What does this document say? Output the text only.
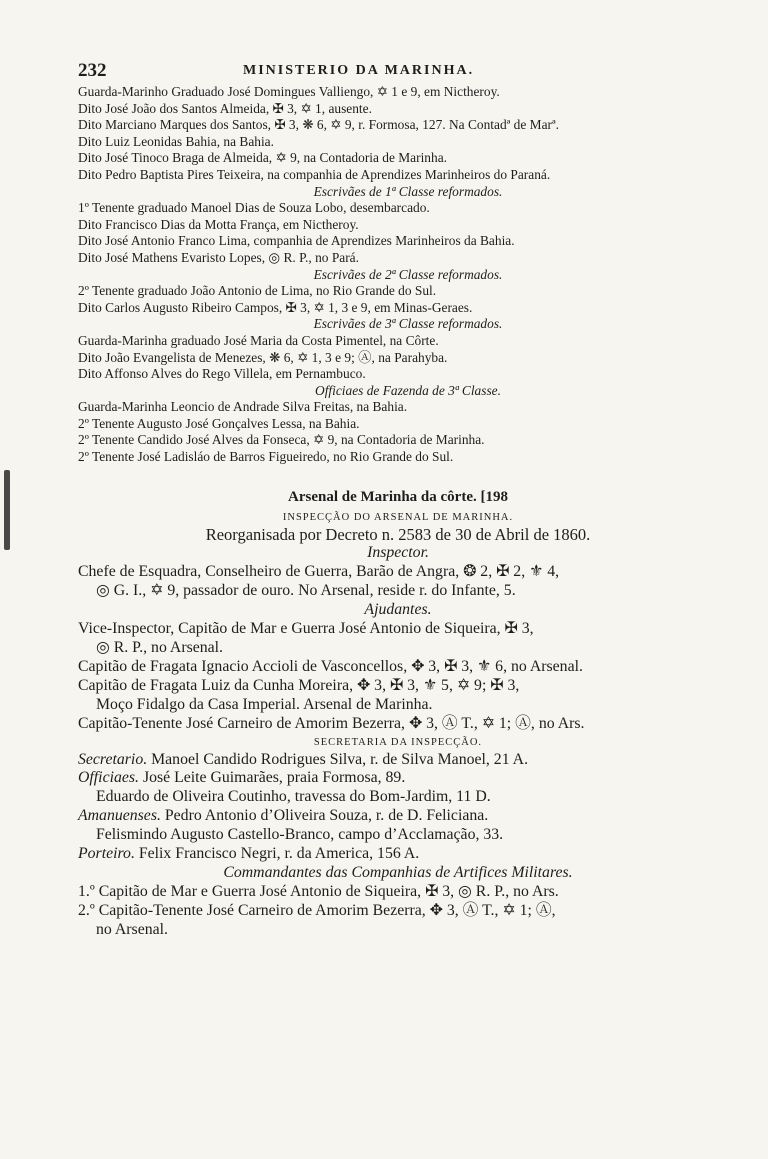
232	MINISTERIO DA MARINHA.
Guarda-Marinho Graduado José Domingues Valliengo, ✡ 1 e 9, em Nictheroy.
Dito José João dos Santos Almeida, ✠ 3, ✡ 1, ausente.
Dito Marciano Marques dos Santos, ✠ 3, ❋ 6, ✡ 9, r. Formosa, 127. Na Contadª de Marª.
Dito Luiz Leonidas Bahia, na Bahia.
Dito José Tinoco Braga de Almeida, ✡ 9, na Contadoria de Marinha.
Dito Pedro Baptista Pires Teixeira, na companhia de Aprendizes Marinheiros do Paraná.
Escrivães de 1ª Classe reformados.
1º Tenente graduado Manoel Dias de Souza Lobo, desembarcado.
Dito Francisco Dias da Motta França, em Nictheroy.
Dito José Antonio Franco Lima, companhia de Aprendizes Marinheiros da Bahia.
Dito José Mathens Evaristo Lopes, ◎ R. P., no Pará.
Escrivães de 2ª Classe reformados.
2º Tenente graduado João Antonio de Lima, no Rio Grande do Sul.
Dito Carlos Augusto Ribeiro Campos, ✠ 3, ✡ 1, 3 e 9, em Minas-Geraes.
Escrivães de 3ª Classe reformados.
Guarda-Marinha graduado José Maria da Costa Pimentel, na Côrte.
Dito João Evangelista de Menezes, ❋ 6, ✡ 1, 3 e 9; Ⓐ, na Parahyba.
Dito Affonso Alves do Rego Villela, em Pernambuco.
Officiaes de Fazenda de 3ª Classe.
Guarda-Marinha Leoncio de Andrade Silva Freitas, na Bahia.
2º Tenente Augusto José Gonçalves Lessa, na Bahia.
2º Tenente Candido José Alves da Fonseca, ✡ 9, na Contadoria de Marinha.
2º Tenente José Ladisláo de Barros Figueiredo, no Rio Grande do Sul.
Arsenal de Marinha da côrte. [198
INSPECÇÃO DO ARSENAL DE MARINHA.
Reorganisada por Decreto n. 2583 de 30 de Abril de 1860.
Inspector.
Chefe de Esquadra, Conselheiro de Guerra, Barão de Angra, ❂ 2, ✠ 2, ⚜ 4,
◎ G. I., ✡ 9, passador de ouro. No Arsenal, reside r. do Infante, 5.
Ajudantes.
Vice-Inspector, Capitão de Mar e Guerra José Antonio de Siqueira, ✠ 3,
◎ R. P., no Arsenal.
Capitão de Fragata Ignacio Accioli de Vasconcellos, ✥ 3, ✠ 3, ⚜ 6, no Arsenal.
Capitão de Fragata Luiz da Cunha Moreira, ✥ 3, ✠ 3, ⚜ 5, ✡ 9; ✠ 3,
Moço Fidalgo da Casa Imperial. Arsenal de Marinha.
Capitão-Tenente José Carneiro de Amorim Bezerra, ✥ 3, Ⓐ T., ✡ 1; Ⓐ, no Ars.
SECRETARIA DA INSPECÇÃO.
Secretario. Manoel Candido Rodrigues Silva, r. de Silva Manoel, 21 A.
Officiaes. José Leite Guimarães, praia Formosa, 89.
Eduardo de Oliveira Coutinho, travessa do Bom-Jardim, 11 D.
Amanuenses. Pedro Antonio d’Oliveira Souza, r. de D. Feliciana.
Felismindo Augusto Castello-Branco, campo d’Acclamação, 33.
Porteiro. Felix Francisco Negri, r. da America, 156 A.
Commandantes das Companhias de Artifices Militares.
1.º Capitão de Mar e Guerra José Antonio de Siqueira, ✠ 3, ◎ R. P., no Ars.
2.º Capitão-Tenente José Carneiro de Amorim Bezerra, ✥ 3, Ⓐ T., ✡ 1; Ⓐ,
no Arsenal.
